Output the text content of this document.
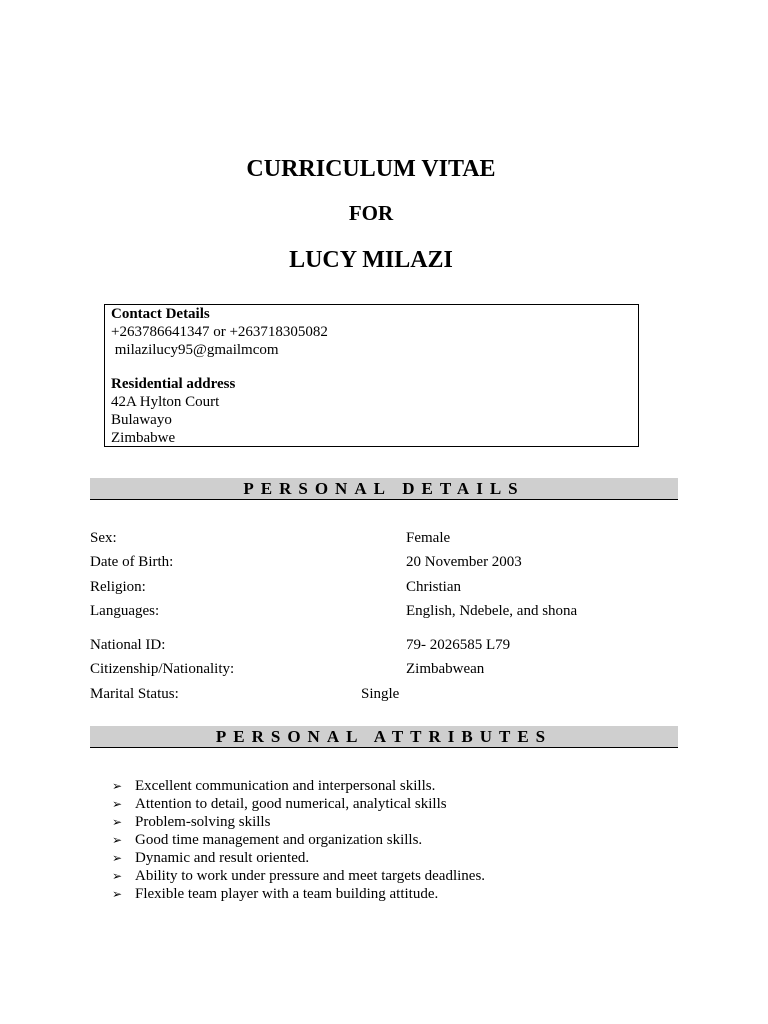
CURRICULUM VITAE
FOR
LUCY MILAZI
Contact Details
+263786641347 or +263718305082
milazilucy95@gmailmcom
Residential address
42A Hylton Court
Bulawayo
Zimbabwe
PERSONAL DETAILS
Sex:	Female
Date of Birth:	20 November 2003
Religion:	Christian
Languages:	English, Ndebele, and shona
National ID:	79- 2026585 L79
Citizenship/Nationality:	Zimbabwean
Marital Status:	Single
PERSONAL ATTRIBUTES
➢ Excellent communication and interpersonal skills.
➢ Attention to detail, good numerical, analytical skills
➢ Problem-solving skills
➢ Good time management and organization skills.
➢ Dynamic and result oriented.
➢ Ability to work under pressure and meet targets deadlines.
➢ Flexible team player with a team building attitude.
